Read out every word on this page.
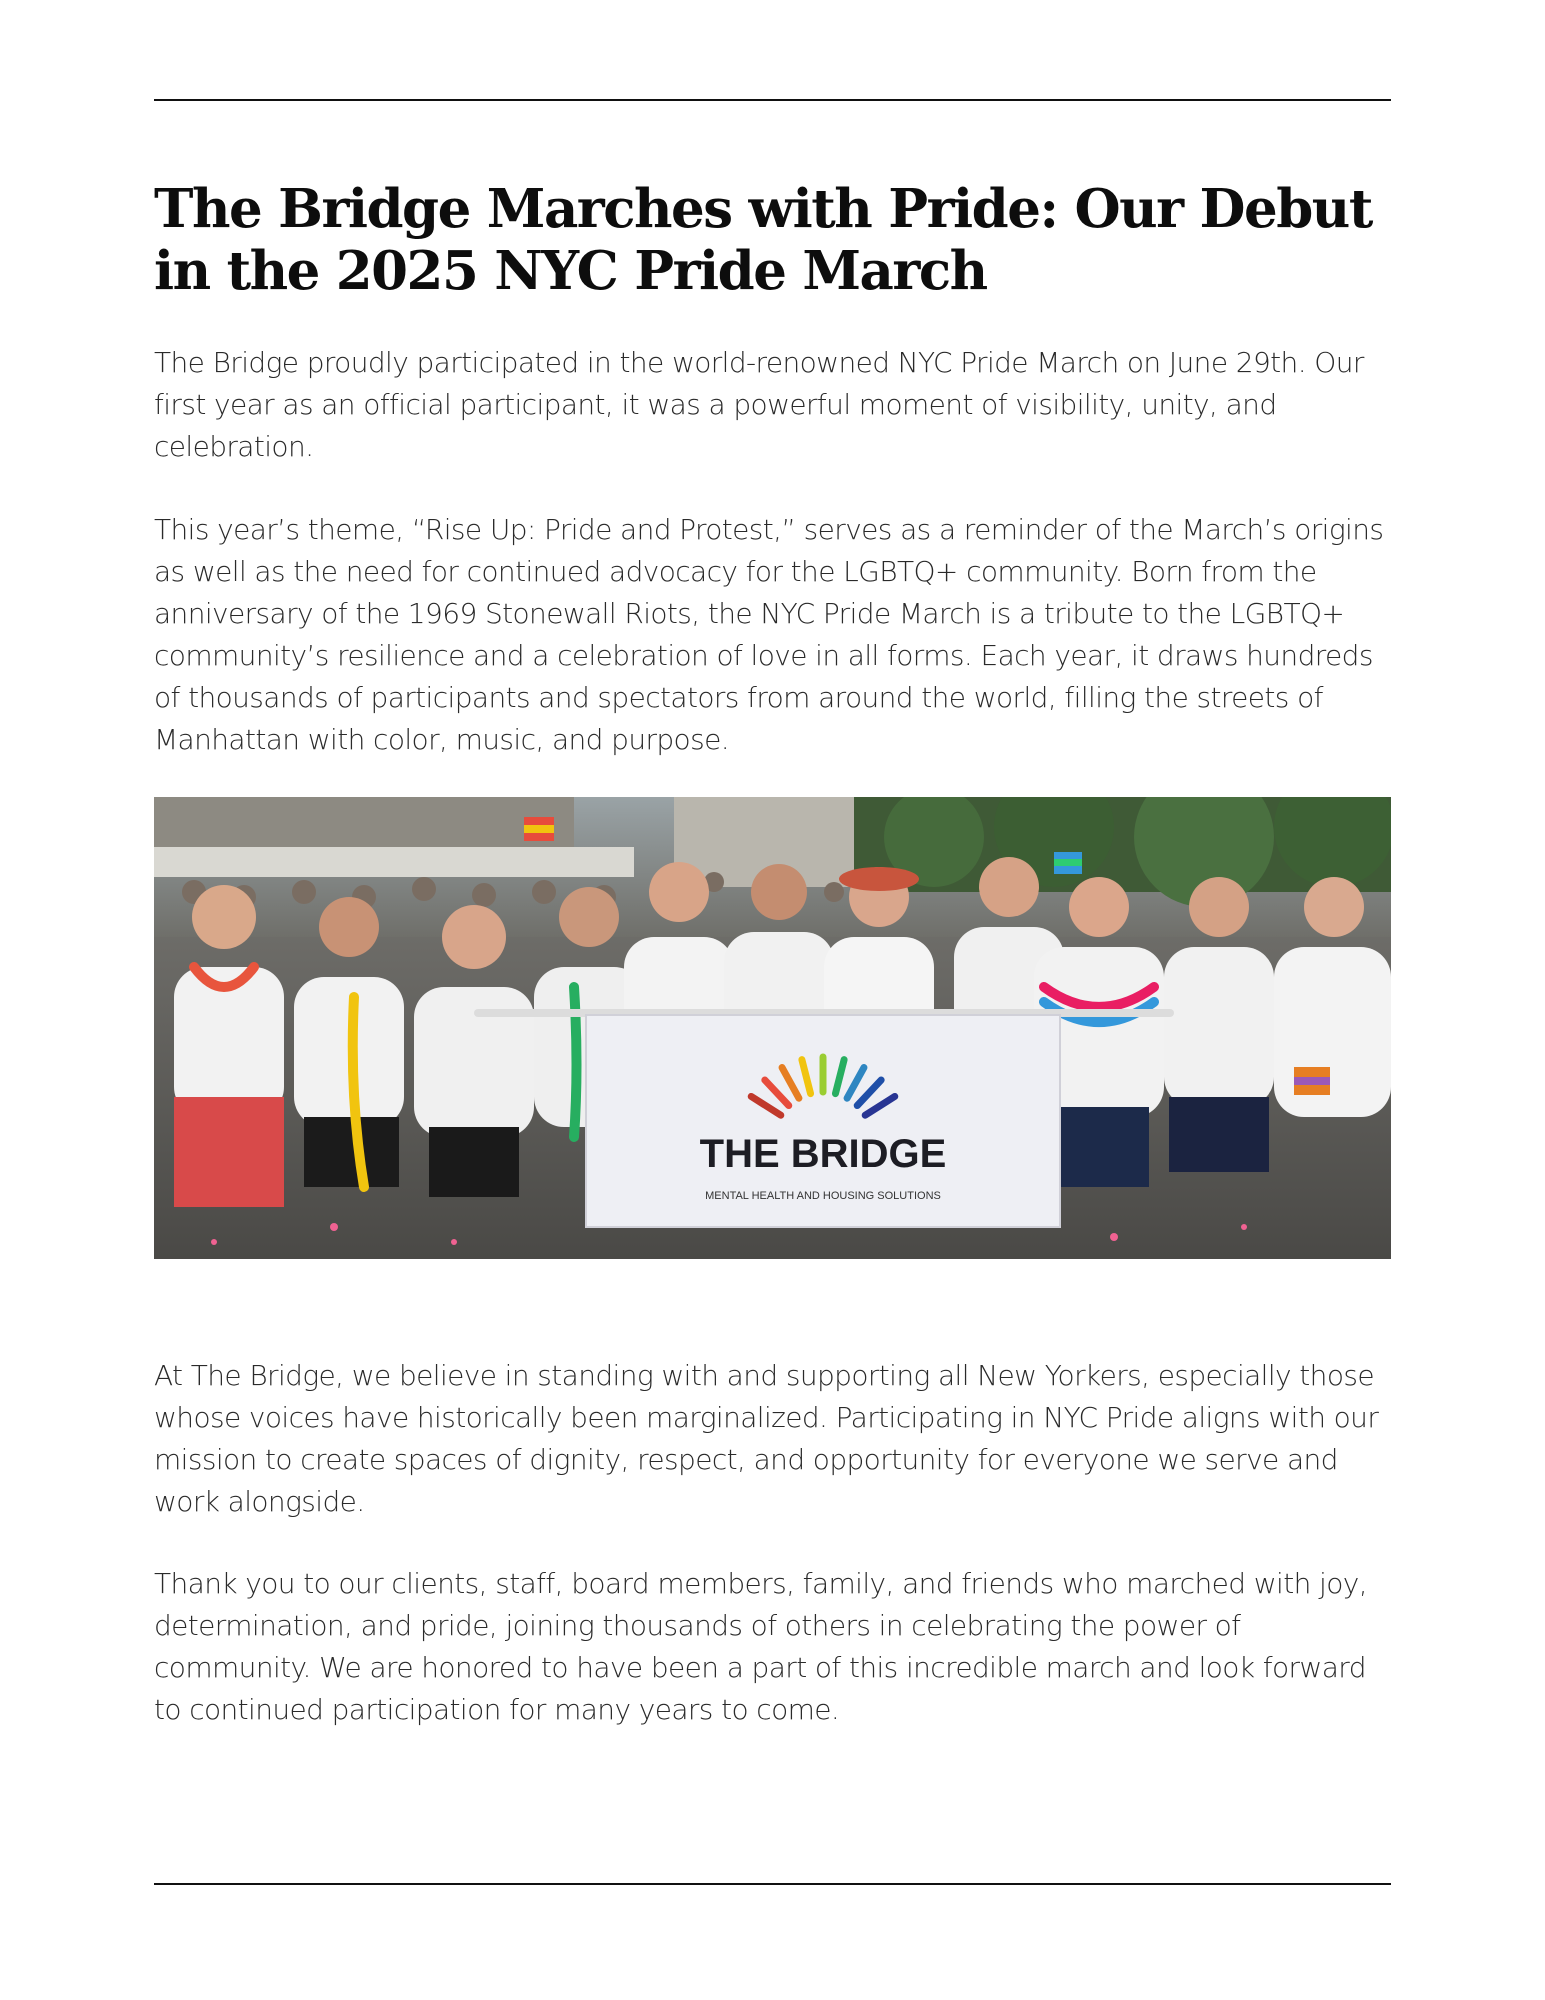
The Bridge Marches with Pride: Our Debut in the 2025 NYC Pride March

The Bridge proudly participated in the world-renowned NYC Pride March on June 29th. Our first year as an official participant, it was a powerful moment of visibility, unity, and celebration.

This year’s theme, “Rise Up: Pride and Protest,” serves as a reminder of the March’s origins as well as the need for continued advocacy for the LGBTQ+ community. Born from the anniversary of the 1969 Stonewall Riots, the NYC Pride March is a tribute to the LGBTQ+ community’s resilience and a celebration of love in all forms. Each year, it draws hundreds of thousands of participants and spectators from around the world, filling the streets of Manhattan with color, music, and purpose.

THE BRIDGE
MENTAL HEALTH AND HOUSING SOLUTIONS

At The Bridge, we believe in standing with and supporting all New Yorkers, especially those whose voices have historically been marginalized. Participating in NYC Pride aligns with our mission to create spaces of dignity, respect, and opportunity for everyone we serve and work alongside.

Thank you to our clients, staff, board members, family, and friends who marched with joy, determination, and pride, joining thousands of others in celebrating the power of community. We are honored to have been a part of this incredible march and look forward to continued participation for many years to come.
